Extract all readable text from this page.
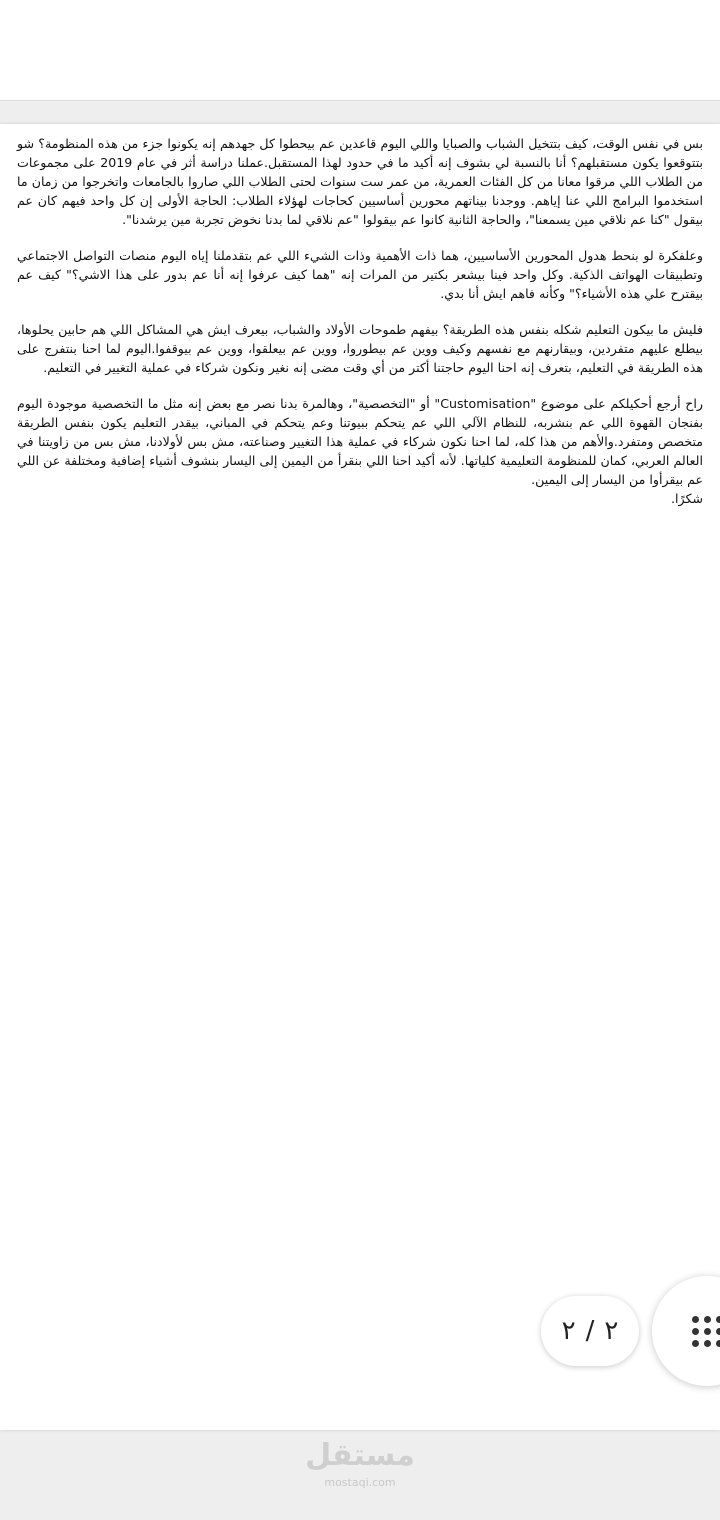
بس في نفس الوقت، كيف بتتخيل الشباب والصبايا واللي اليوم قاعدين عم بيحطوا كل جهدهم إنه يكونوا جزء من هذه المنظومة؟ شو بتتوقعوا يكون مستقبلهم؟ أنا بالنسبة لي بشوف إنه أكيد ما في حدود لهذا المستقبل.عملنا دراسة أثر في عام 2019 على مجموعات من الطلاب اللي مرقوا معانا من كل الفئات العمرية، من عمر ست سنوات لحتى الطلاب اللي صاروا بالجامعات واتخرجوا من زمان ما استخدموا البرامج اللي عنا إياهم. ووجدنا بيناتهم محورين أساسيين كحاجات لهؤلاء الطلاب: الحاجة الأولى إن كل واحد فيهم كان عم بيقول "كنا عم نلاقي مين يسمعنا"، والحاجة الثانية كانوا عم بيقولوا "عم نلاقي لما بدنا نخوض تجربة مين يرشدنا".

وعلفكرة لو بنحط هدول المحورين الأساسيين، هما ذات الأهمية وذات الشيء اللي عم بتقدملنا إياه اليوم منصات التواصل الاجتماعي وتطبيقات الهواتف الذكية. وكل واحد فينا بيشعر بكتير من المرات إنه "هما كيف عرفوا إنه أنا عم بدور على هذا الاشي؟" كيف عم بيقترح علي هذه الأشياء؟" وكأنه فاهم ايش أنا بدي.

فليش ما بيكون التعليم شكله بنفس هذه الطريقة؟ بيفهم طموحات الأولاد والشباب، بيعرف ايش هي المشاكل اللي هم حابين يحلوها، بيطلع عليهم متفردين، وبيقارنهم مع نفسهم وكيف ووين عم بيطوروا، ووين عم بيعلقوا، ووين عم بيوقفوا.اليوم لما احنا بنتفرج على هذه الطريقة في التعليم، بتعرف إنه احنا اليوم حاجتنا أكتر من أي وقت مضى إنه نغير ونكون شركاء في عملية التغيير في التعليم.

راح أرجع أحكيلكم على موضوع "Customisation" أو "التخصصية"، وهالمرة بدنا نصر مع بعض إنه مثل ما التخصصية موجودة اليوم بفنجان القهوة اللي عم بنشربه، للنظام الآلي اللي عم يتحكم ببيوتنا وعم يتحكم في المباني، بيقدر التعليم يكون بنفس الطريقة متخصص ومتفرد.والأهم من هذا كله، لما احنا نكون شركاء في عملية هذا التغيير وصناعته، مش بس لأولادنا، مش بس من زاويتنا في العالم العربي، كمان للمنظومة التعليمية كلياتها. لأنه أكيد احنا اللي بنقرأ من اليمين إلى اليسار بنشوف أشياء إضافية ومختلفة عن اللي عم بيقرأوا من اليسار إلى اليمين.

شكرًا.

٢
/
٢
مستقل
mostaqi.com
